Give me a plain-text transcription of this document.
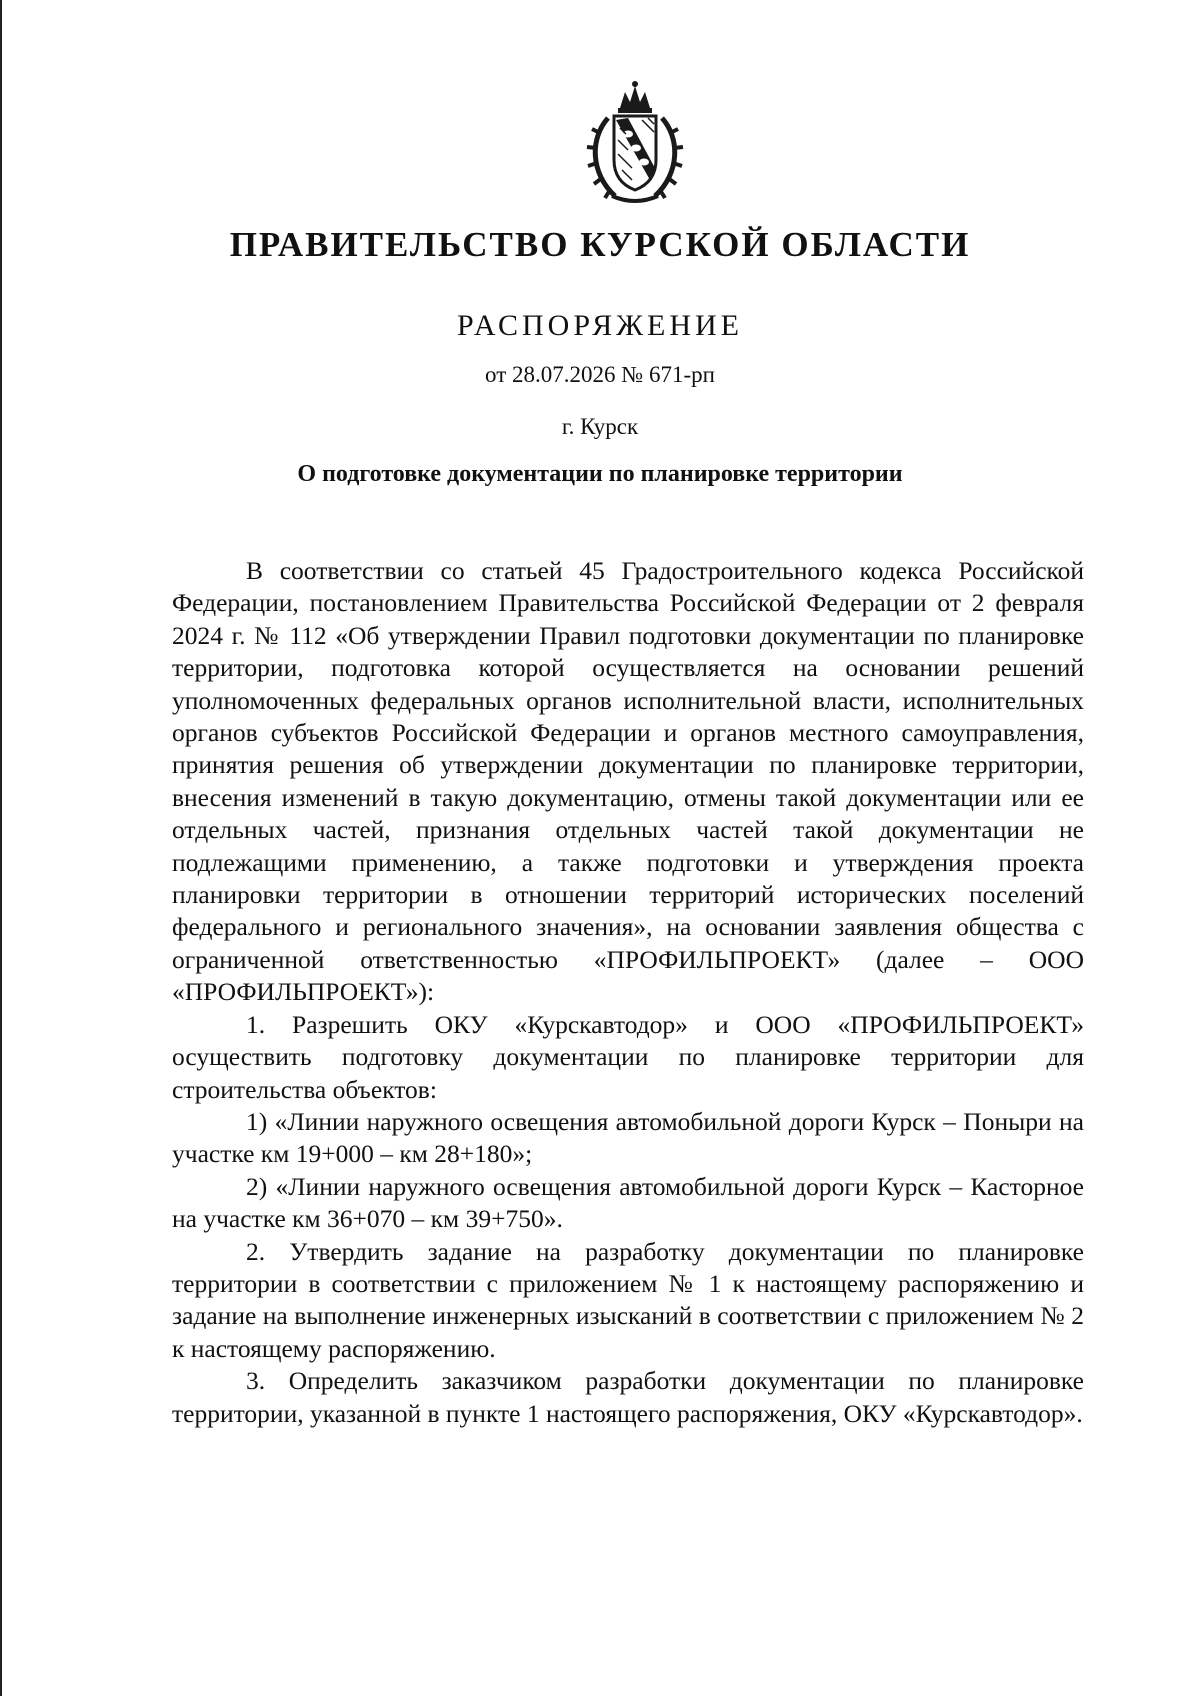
ПРАВИТЕЛЬСТВО КУРСКОЙ ОБЛАСТИ
РАСПОРЯЖЕНИЕ
от 28.07.2026 № 671-рп
г. Курск
О подготовке документации по планировке территории

В соответствии со статьей 45 Градостроительного кодекса Российской Федерации, постановлением Правительства Российской Федерации от 2 февраля 2024 г. № 112 «Об утверждении Правил подготовки документации по планировке территории, подготовка которой осуществляется на основании решений уполномоченных федеральных органов исполнительной власти, исполнительных органов субъектов Российской Федерации и органов местного самоуправления, принятия решения об утверждении документации по планировке территории, внесения изменений в такую документацию, отмены такой документации или ее отдельных частей, признания отдельных частей такой документации не подлежащими применению, а также подготовки и утверждения проекта планировки территории в отношении территорий исторических поселений федерального и регионального значения», на основании заявления общества с ограниченной ответственностью «ПРОФИЛЬПРОЕКТ» (далее – ООО «ПРОФИЛЬПРОЕКТ»):

1. Разрешить ОКУ «Курскавтодор» и ООО «ПРОФИЛЬПРОЕКТ» осуществить подготовку документации по планировке территории для строительства объектов:

1) «Линии наружного освещения автомобильной дороги Курск – Поныри на участке км 19+000 – км 28+180»;

2) «Линии наружного освещения автомобильной дороги Курск – Касторное на участке км 36+070 – км 39+750».

2. Утвердить задание на разработку документации по планировке территории в соответствии с приложением № 1 к настоящему распоряжению и задание на выполнение инженерных изысканий в соответствии с приложением № 2 к настоящему распоряжению.

3. Определить заказчиком разработки документации по планировке территории, указанной в пункте 1 настоящего распоряжения, ОКУ «Курскавтодор».
